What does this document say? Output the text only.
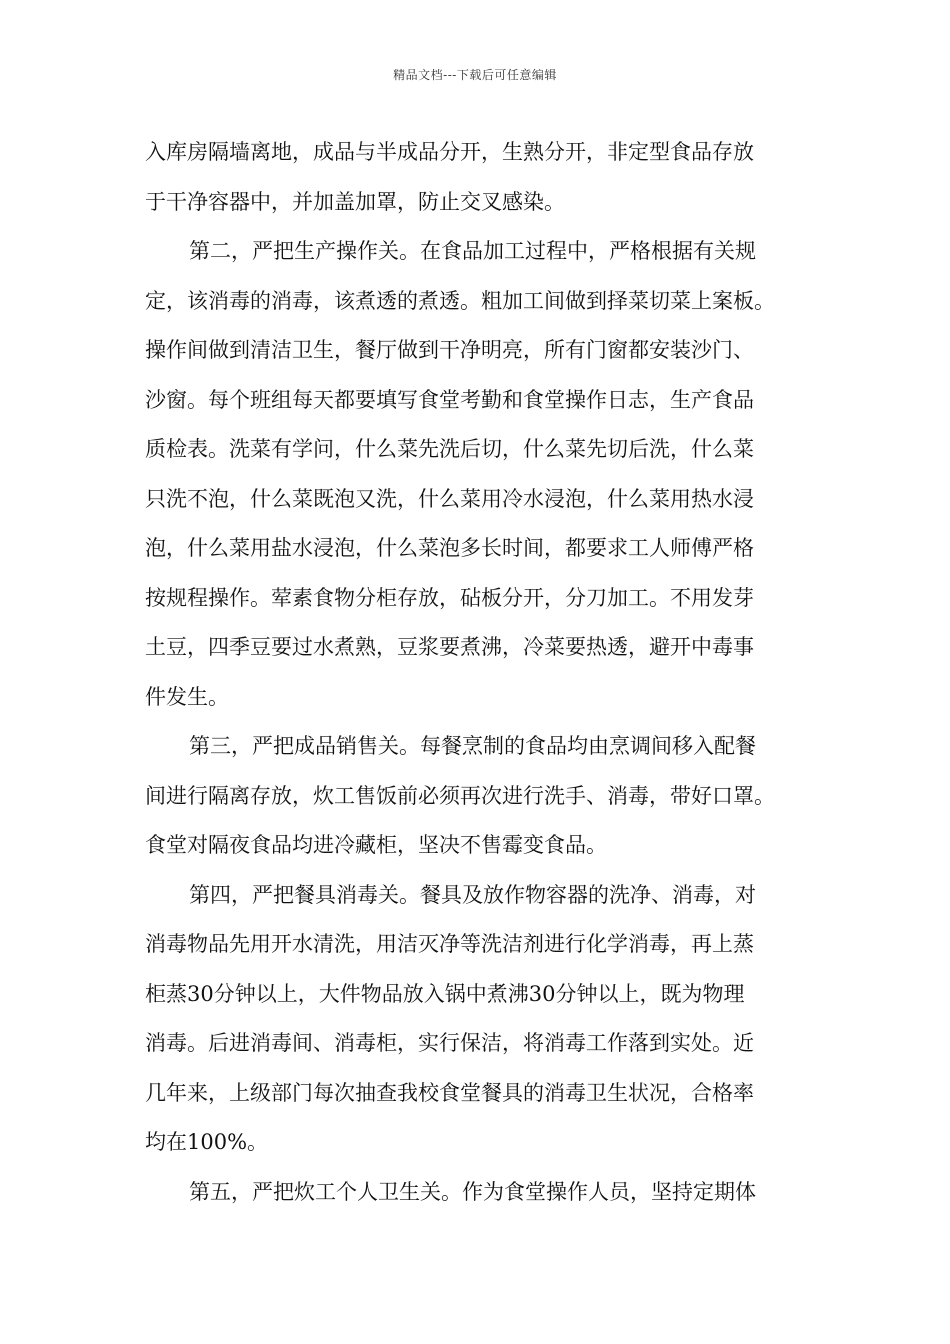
精品文档---下载后可任意编辑
入库房隔墙离地，成品与半成品分开，生熟分开，非定型食品存放
于干净容器中，并加盖加罩，防止交叉感染。
第二，严把生产操作关。在食品加工过程中，严格根据有关规
定，该消毒的消毒，该煮透的煮透。粗加工间做到择菜切菜上案板。
操作间做到清洁卫生，餐厅做到干净明亮，所有门窗都安装沙门、
沙窗。每个班组每天都要填写食堂考勤和食堂操作日志，生产食品
质检表。洗菜有学问，什么菜先洗后切，什么菜先切后洗，什么菜
只洗不泡，什么菜既泡又洗，什么菜用冷水浸泡，什么菜用热水浸
泡，什么菜用盐水浸泡，什么菜泡多长时间，都要求工人师傅严格
按规程操作。荤素食物分柜存放，砧板分开，分刀加工。不用发芽
土豆，四季豆要过水煮熟，豆浆要煮沸，冷菜要热透，避开中毒事
件发生。
第三，严把成品销售关。每餐烹制的食品均由烹调间移入配餐
间进行隔离存放，炊工售饭前必须再次进行洗手、消毒，带好口罩。
食堂对隔夜食品均进冷藏柜，坚决不售霉变食品。
第四，严把餐具消毒关。餐具及放作物容器的洗净、消毒，对
消毒物品先用开水清洗，用洁灭净等洗洁剂进行化学消毒，再上蒸
柜蒸30分钟以上，大件物品放入锅中煮沸30分钟以上，既为物理
消毒。后进消毒间、消毒柜，实行保洁，将消毒工作落到实处。近
几年来，上级部门每次抽查我校食堂餐具的消毒卫生状况，合格率
均在100%。
第五，严把炊工个人卫生关。作为食堂操作人员，坚持定期体
